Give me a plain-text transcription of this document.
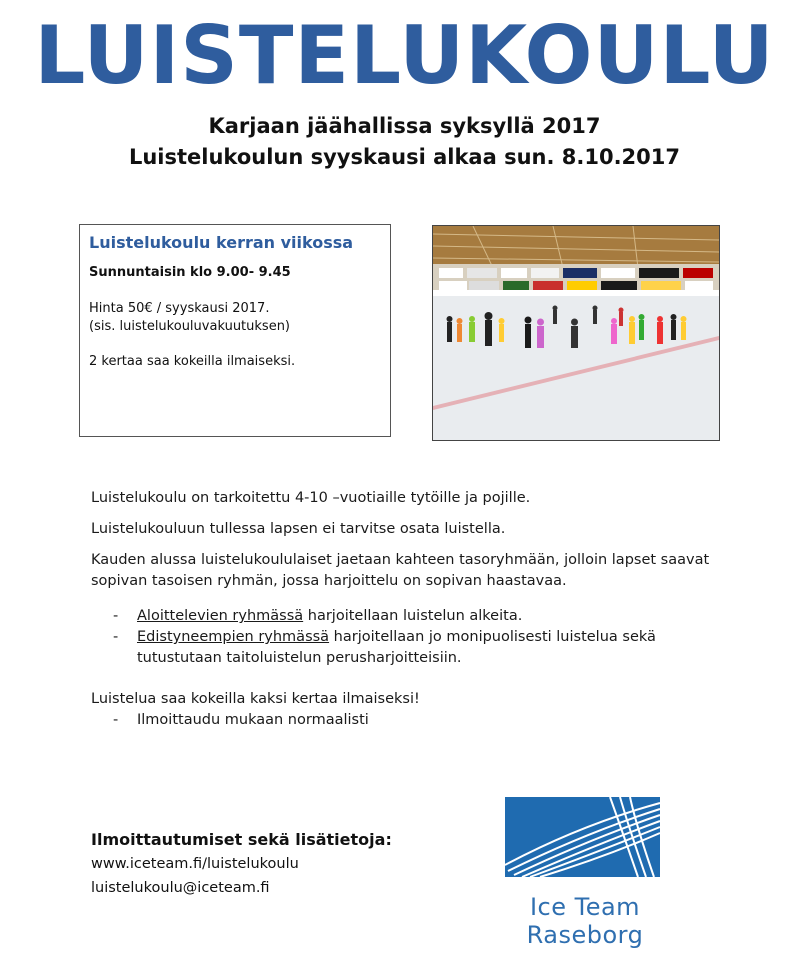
LUISTELUKOULU
Karjaan jäähallissa syksyllä 2017
Luistelukoulun syyskausi alkaa sun. 8.10.2017

Luistelukoulu kerran viikossa

Sunnuntaisin klo 9.00- 9.45

Hinta 50€ / syyskausi 2017.

(sis. luistelukouluvakuutuksen)

2 kertaa saa kokeilla ilmaiseksi.

Luistelukoulu on tarkoitettu 4-10 –vuotiaille tytöille ja pojille.

Luistelukouluun tullessa lapsen ei tarvitse osata luistella.

Kauden alussa luistelukoululaiset jaetaan kahteen tasoryhmään, jolloin lapset saavat sopivan tasoisen ryhmän, jossa harjoittelu on sopivan haastavaa.

- Aloittelevien ryhmässä harjoitellaan luistelun alkeita.
- Edistyneempien ryhmässä harjoitellaan jo monipuolisesti luistelua sekä tutustutaan taitoluistelun perusharjoitteisiin.

Luistelua saa kokeilla kaksi kertaa ilmaiseksi!

- Ilmoittaudu mukaan normaalisti
Ilmoittautumiset sekä lisätietoja:
www.iceteam.fi/luistelukoulu
luistelukoulu@iceteam.fi
Ice Team Raseborg
